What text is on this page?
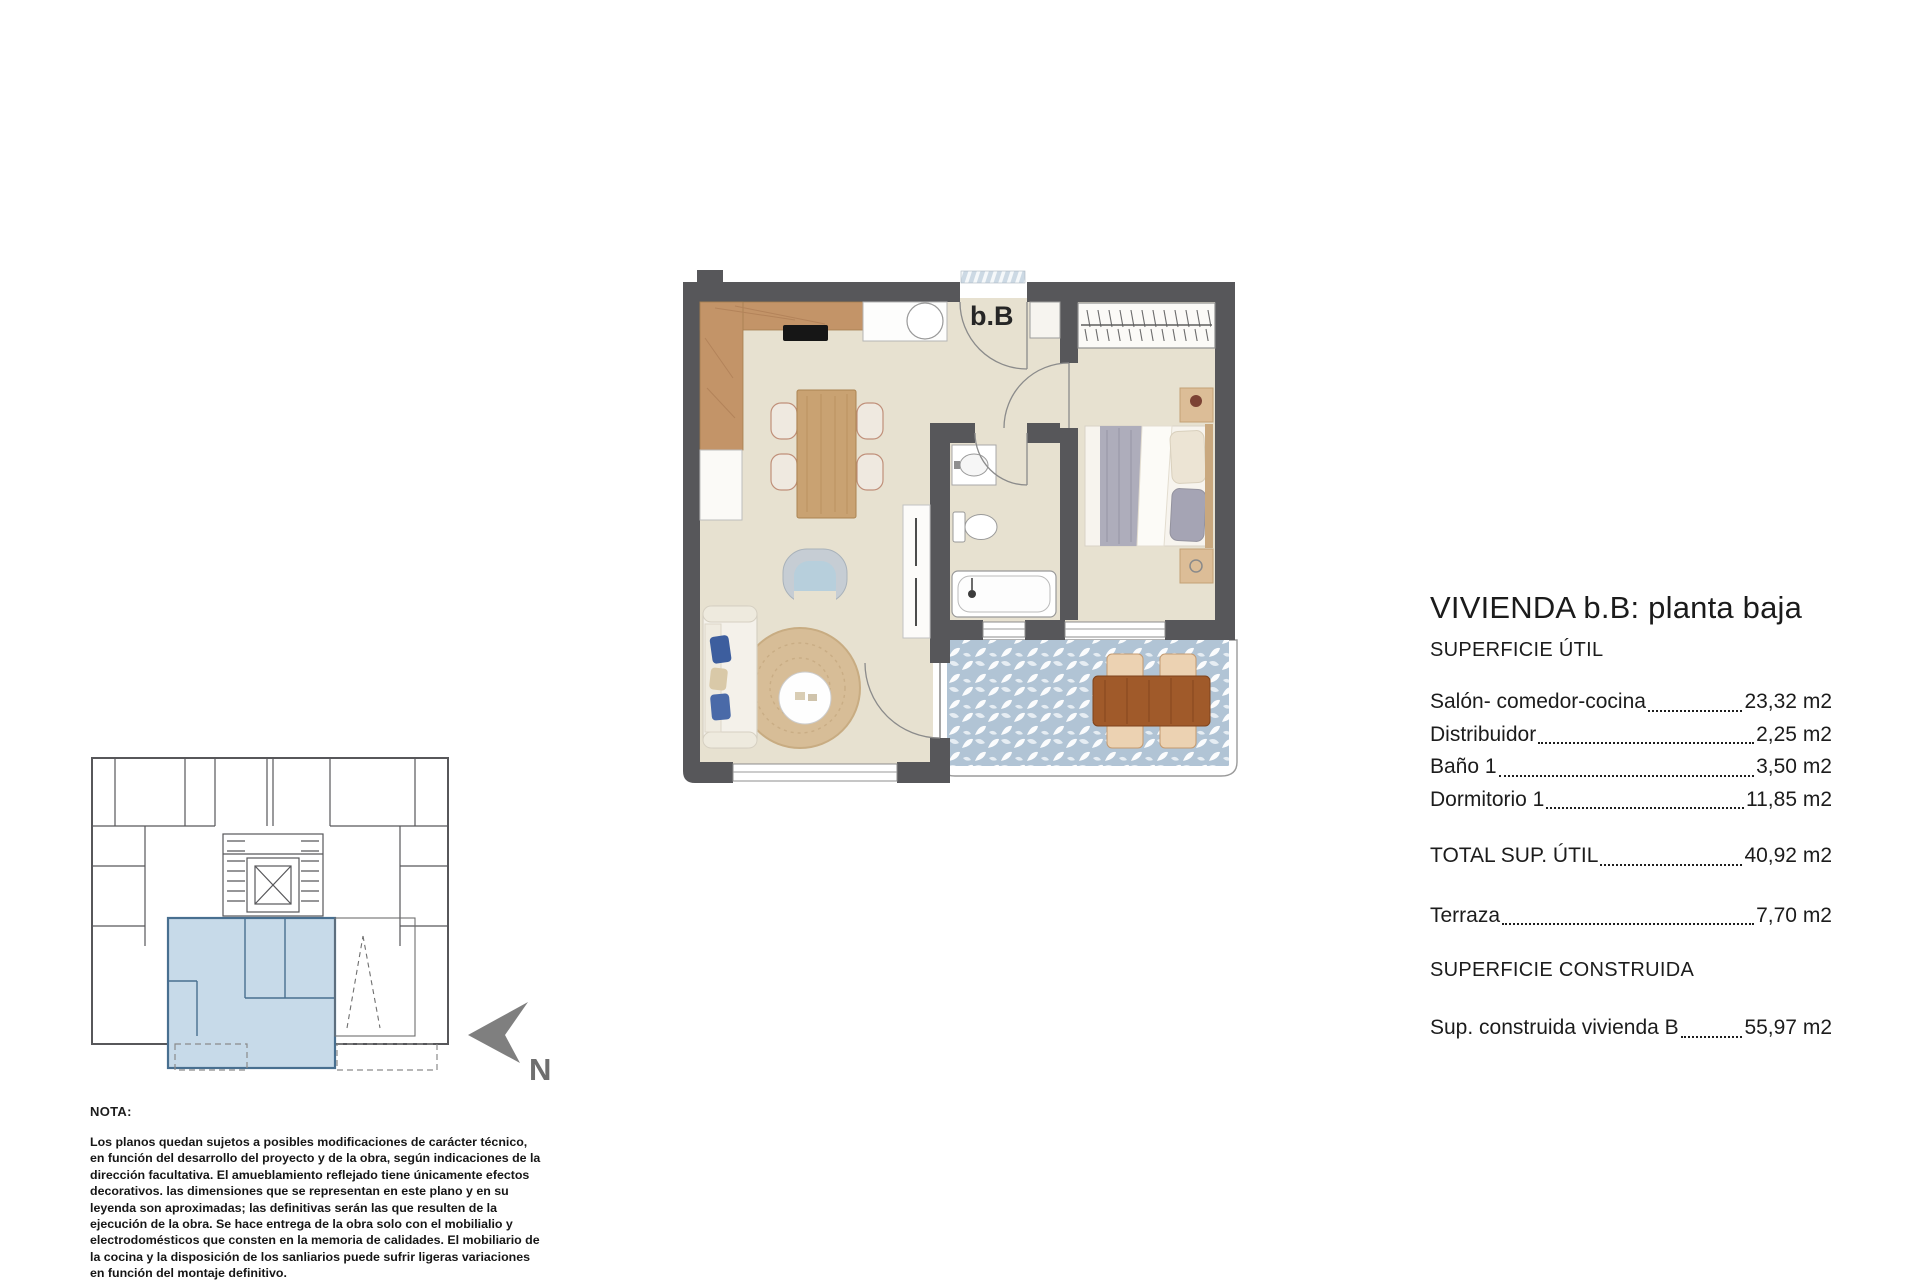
b.B
N
VIVIENDA b.B: planta baja
SUPERFICIE ÚTIL
Salón- comedor-cocina	23,32 m2
Distribuidor	2,25 m2
Baño 1	3,50 m2
Dormitorio 1	11,85 m2
TOTAL SUP. ÚTIL	40,92 m2
Terraza	7,70 m2
SUPERFICIE CONSTRUIDA
Sup. construida vivienda B	55,97 m2
NOTA:
Los planos quedan sujetos a posibles modificaciones de carácter técnico, en función del desarrollo del proyecto y de la obra, según indicaciones de la dirección facultativa. El amueblamiento reflejado tiene únicamente efectos decorativos. las dimensiones que se representan en este plano y en su leyenda son aproximadas; las definitivas serán las que resulten de la ejecución de la obra. Se hace entrega de la obra solo con el mobilialio y electrodomésticos que consten en la memoria de calidades. El mobiliario de la cocina y la disposición de los sanliarios puede sufrir ligeras variaciones en función del montaje definitivo.
